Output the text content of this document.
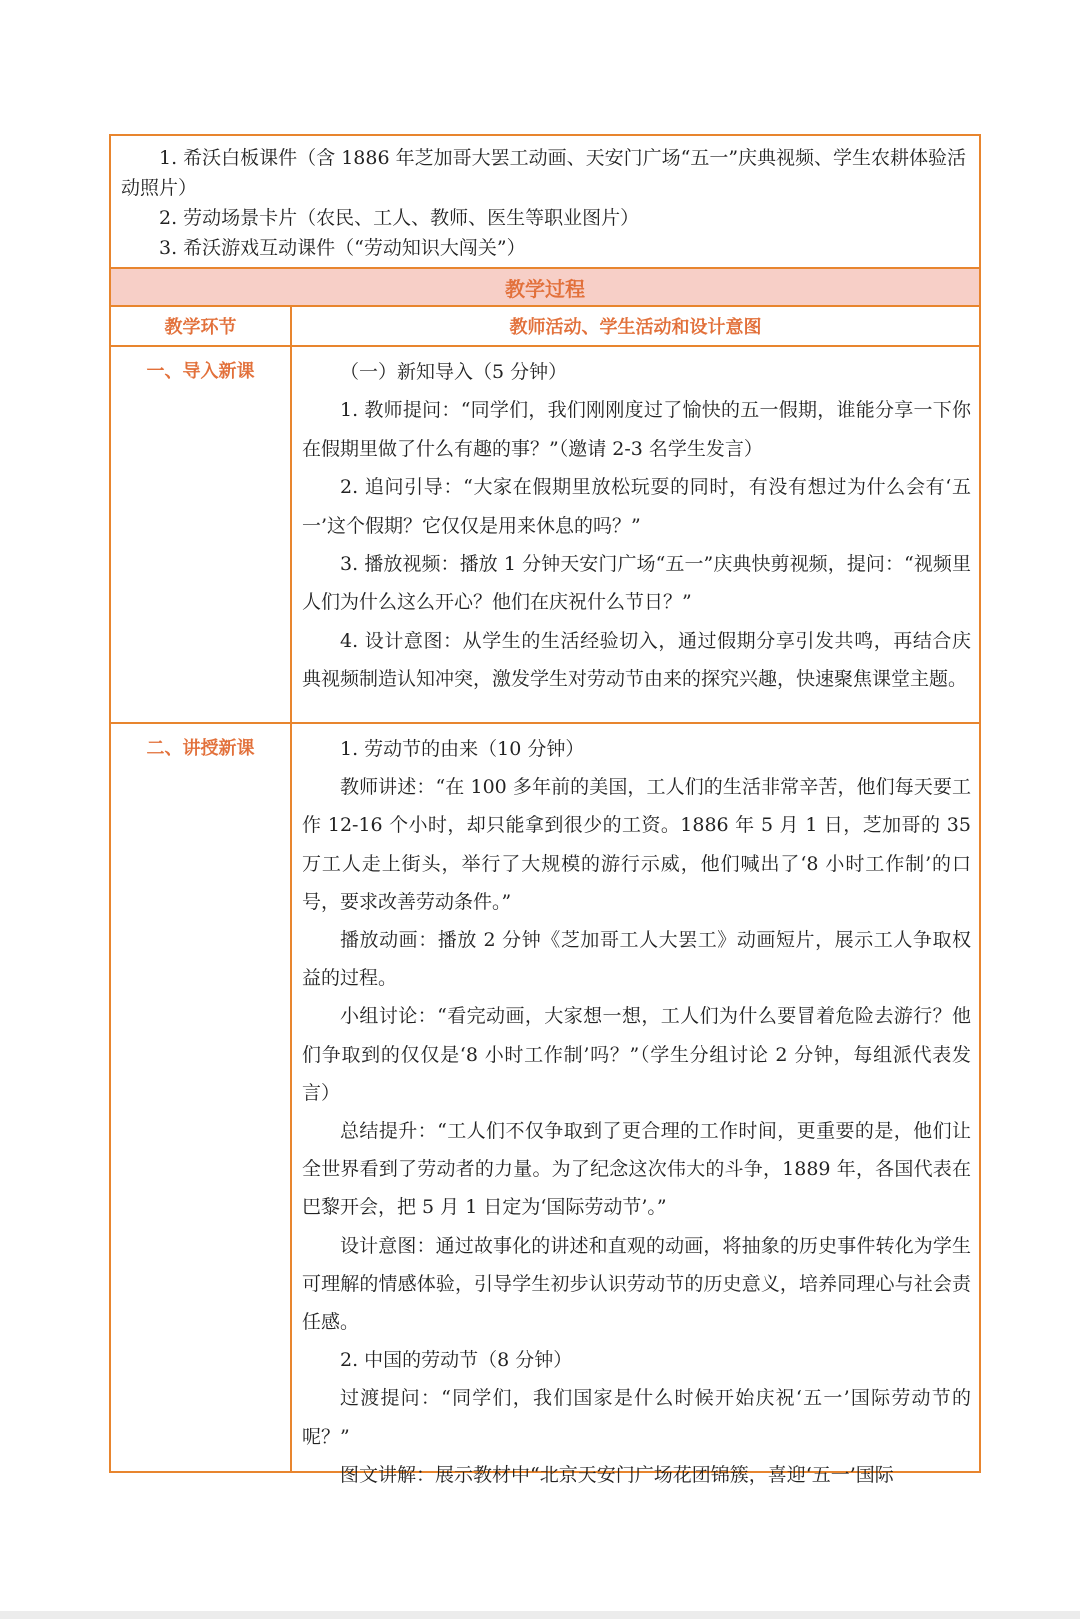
1. 希沃白板课件（含 1886 年芝加哥大罢工动画、天安门广场“五一”庆典视频、学生农耕体验活动照片）

2. 劳动场景卡片（农民、工人、教师、医生等职业图片）

3. 希沃游戏互动课件（“劳动知识大闯关”）

教学过程
教学环节	教师活动、学生活动和设计意图
一、导入新课	（一）新知导入（5 分钟）

1. 教师提问：“同学们，我们刚刚度过了愉快的五一假期，谁能分享一下你在假期里做了什么有趣的事？”（邀请 2-3 名学生发言）

2. 追问引导：“大家在假期里放松玩耍的同时，有没有想过为什么会有‘五一’这个假期？它仅仅是用来休息的吗？”

3. 播放视频：播放 1 分钟天安门广场“五一”庆典快剪视频，提问：“视频里人们为什么这么开心？他们在庆祝什么节日？”

4. 设计意图：从学生的生活经验切入，通过假期分享引发共鸣，再结合庆典视频制造认知冲突，激发学生对劳动节由来的探究兴趣，快速聚焦课堂主题。

二、讲授新课	1. 劳动节的由来（10 分钟）

教师讲述：“在 100 多年前的美国，工人们的生活非常辛苦，他们每天要工作 12-16 个小时，却只能拿到很少的工资。1886 年 5 月 1 日，芝加哥的 35 万工人走上街头，举行了大规模的游行示威，他们喊出了‘8 小时工作制’的口号，要求改善劳动条件。”

播放动画：播放 2 分钟《芝加哥工人大罢工》动画短片，展示工人争取权益的过程。

小组讨论：“看完动画，大家想一想，工人们为什么要冒着危险去游行？他们争取到的仅仅是‘8 小时工作制’吗？”（学生分组讨论 2 分钟，每组派代表发言）

总结提升：“工人们不仅争取到了更合理的工作时间，更重要的是，他们让全世界看到了劳动者的力量。为了纪念这次伟大的斗争，1889 年，各国代表在巴黎开会，把 5 月 1 日定为‘国际劳动节’。”

设计意图：通过故事化的讲述和直观的动画，将抽象的历史事件转化为学生可理解的情感体验，引导学生初步认识劳动节的历史意义，培养同理心与社会责任感。

2. 中国的劳动节（8 分钟）

过渡提问：“同学们，我们国家是什么时候开始庆祝‘五一’国际劳动节的呢？”

图文讲解：展示教材中“北京天安门广场花团锦簇，喜迎‘五一’国际
